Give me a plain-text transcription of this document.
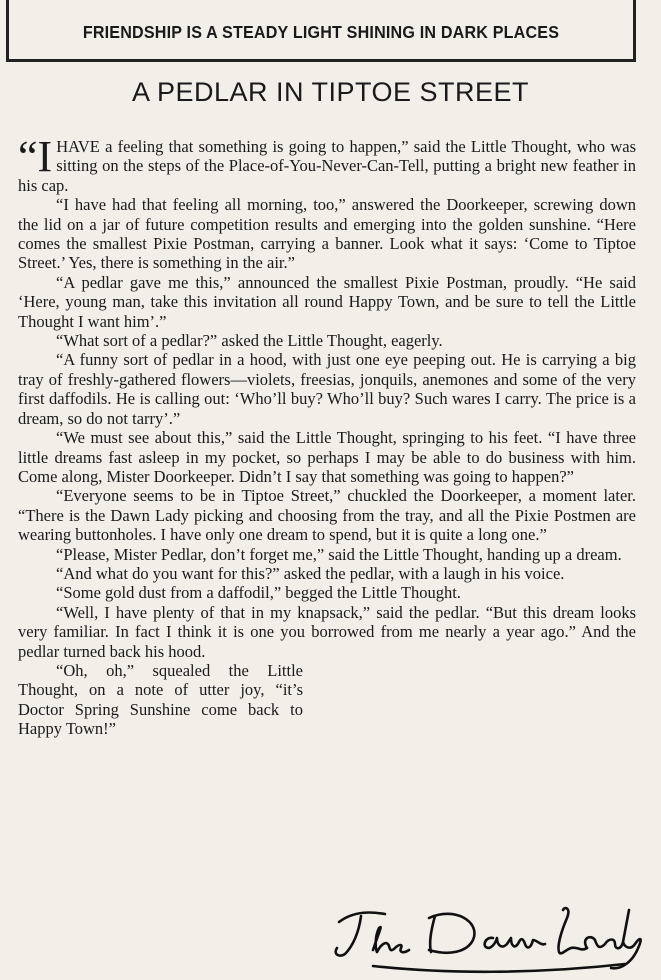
FRIENDSHIP IS A STEADY LIGHT SHINING IN DARK PLACES
A PEDLAR IN TIPTOE STREET

“I HAVE a feeling that something is going to happen,” said the Little Thought, who was sitting on the steps of the Place-of-You-Never-Can-Tell, putting a bright new feather in his cap.

“I have had that feeling all morning, too,” answered the Doorkeeper, screwing down the lid on a jar of future competition results and emerging into the golden sunshine. “Here comes the smallest Pixie Postman, carrying a banner. Look what it says: ‘Come to Tiptoe Street.’ Yes, there is something in the air.”

“A pedlar gave me this,” announced the smallest Pixie Postman, proudly. “He said ‘Here, young man, take this invitation all round Happy Town, and be sure to tell the Little Thought I want him’.”

“What sort of a pedlar?” asked the Little Thought, eagerly.

“A funny sort of pedlar in a hood, with just one eye peeping out. He is carrying a big tray of freshly-gathered flowers—violets, freesias, jonquils, anemones and some of the very first daffodils. He is calling out: ‘Who’ll buy? Who’ll buy? Such wares I carry. The price is a dream, so do not tarry’.”

“We must see about this,” said the Little Thought, springing to his feet. “I have three little dreams fast asleep in my pocket, so perhaps I may be able to do business with him. Come along, Mister Doorkeeper. Didn’t I say that something was going to happen?”

“Everyone seems to be in Tiptoe Street,” chuckled the Doorkeeper, a moment later. “There is the Dawn Lady picking and choosing from the tray, and all the Pixie Postmen are wearing buttonholes. I have only one dream to spend, but it is quite a long one.”

“Please, Mister Pedlar, don’t forget me,” said the Little Thought, handing up a dream.

“And what do you want for this?” asked the pedlar, with a laugh in his voice.

“Some gold dust from a daffodil,” begged the Little Thought.

“Well, I have plenty of that in my knapsack,” said the pedlar. “But this dream looks very familiar. In fact I think it is one you borrowed from me nearly a year ago.” And the pedlar turned back his hood.

“Oh, oh,” squealed the Little Thought, on a note of utter joy, “it’s Doctor Spring Sunshine come back to Happy Town!”
